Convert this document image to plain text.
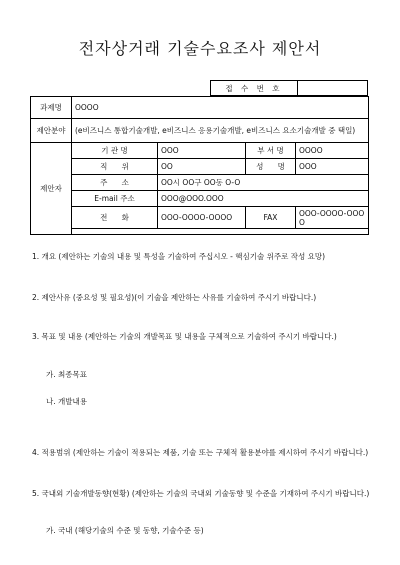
전자상거래 기술수요조사 제안서
접 수 번 호	
과제명	OOOO			
제안분야	(e비즈니스 통합기술개발, e비즈니스 응용기술개발, e비즈니스 요소기술개발 중 택일)			
제안자	기 관 명	OOO	부 서 명	OOOO
	직      위	OO	성      명	OOO
	주      소	OO시 OO구 OO동 O-O		
	E-mail 주소	OOO@OOO.OOO		
	전      화	OOO-OOOO-OOOO	FAX	OOO-OOOO-OOOO

1. 개요 (제안하는 기술의 내용 및 특성을 기술하여 주십시오 - 핵심기술 위주로 작성 요망)

2. 제안사유 (중요성 및 필요성)(이 기술을 제안하는 사유를 기술하여 주시기 바랍니다.)

3. 목표 및 내용 (제안하는 기술의 개발목표 및 내용을 구체적으로 기술하여 주시기 바랍니다.)

가. 최종목표

나. 개발내용

4. 적용범위 (제안하는 기술이 적용되는 제품, 기술 또는 구체적 활용분야를 제시하여 주시기 바랍니다.)

5. 국내외 기술개발동향(현황) (제안하는 기술의 국내외 기술동향 및 수준을 기재하여 주시기 바랍니다.)

가. 국내 (해당기술의 수준 및 동향, 기술수준 등)
